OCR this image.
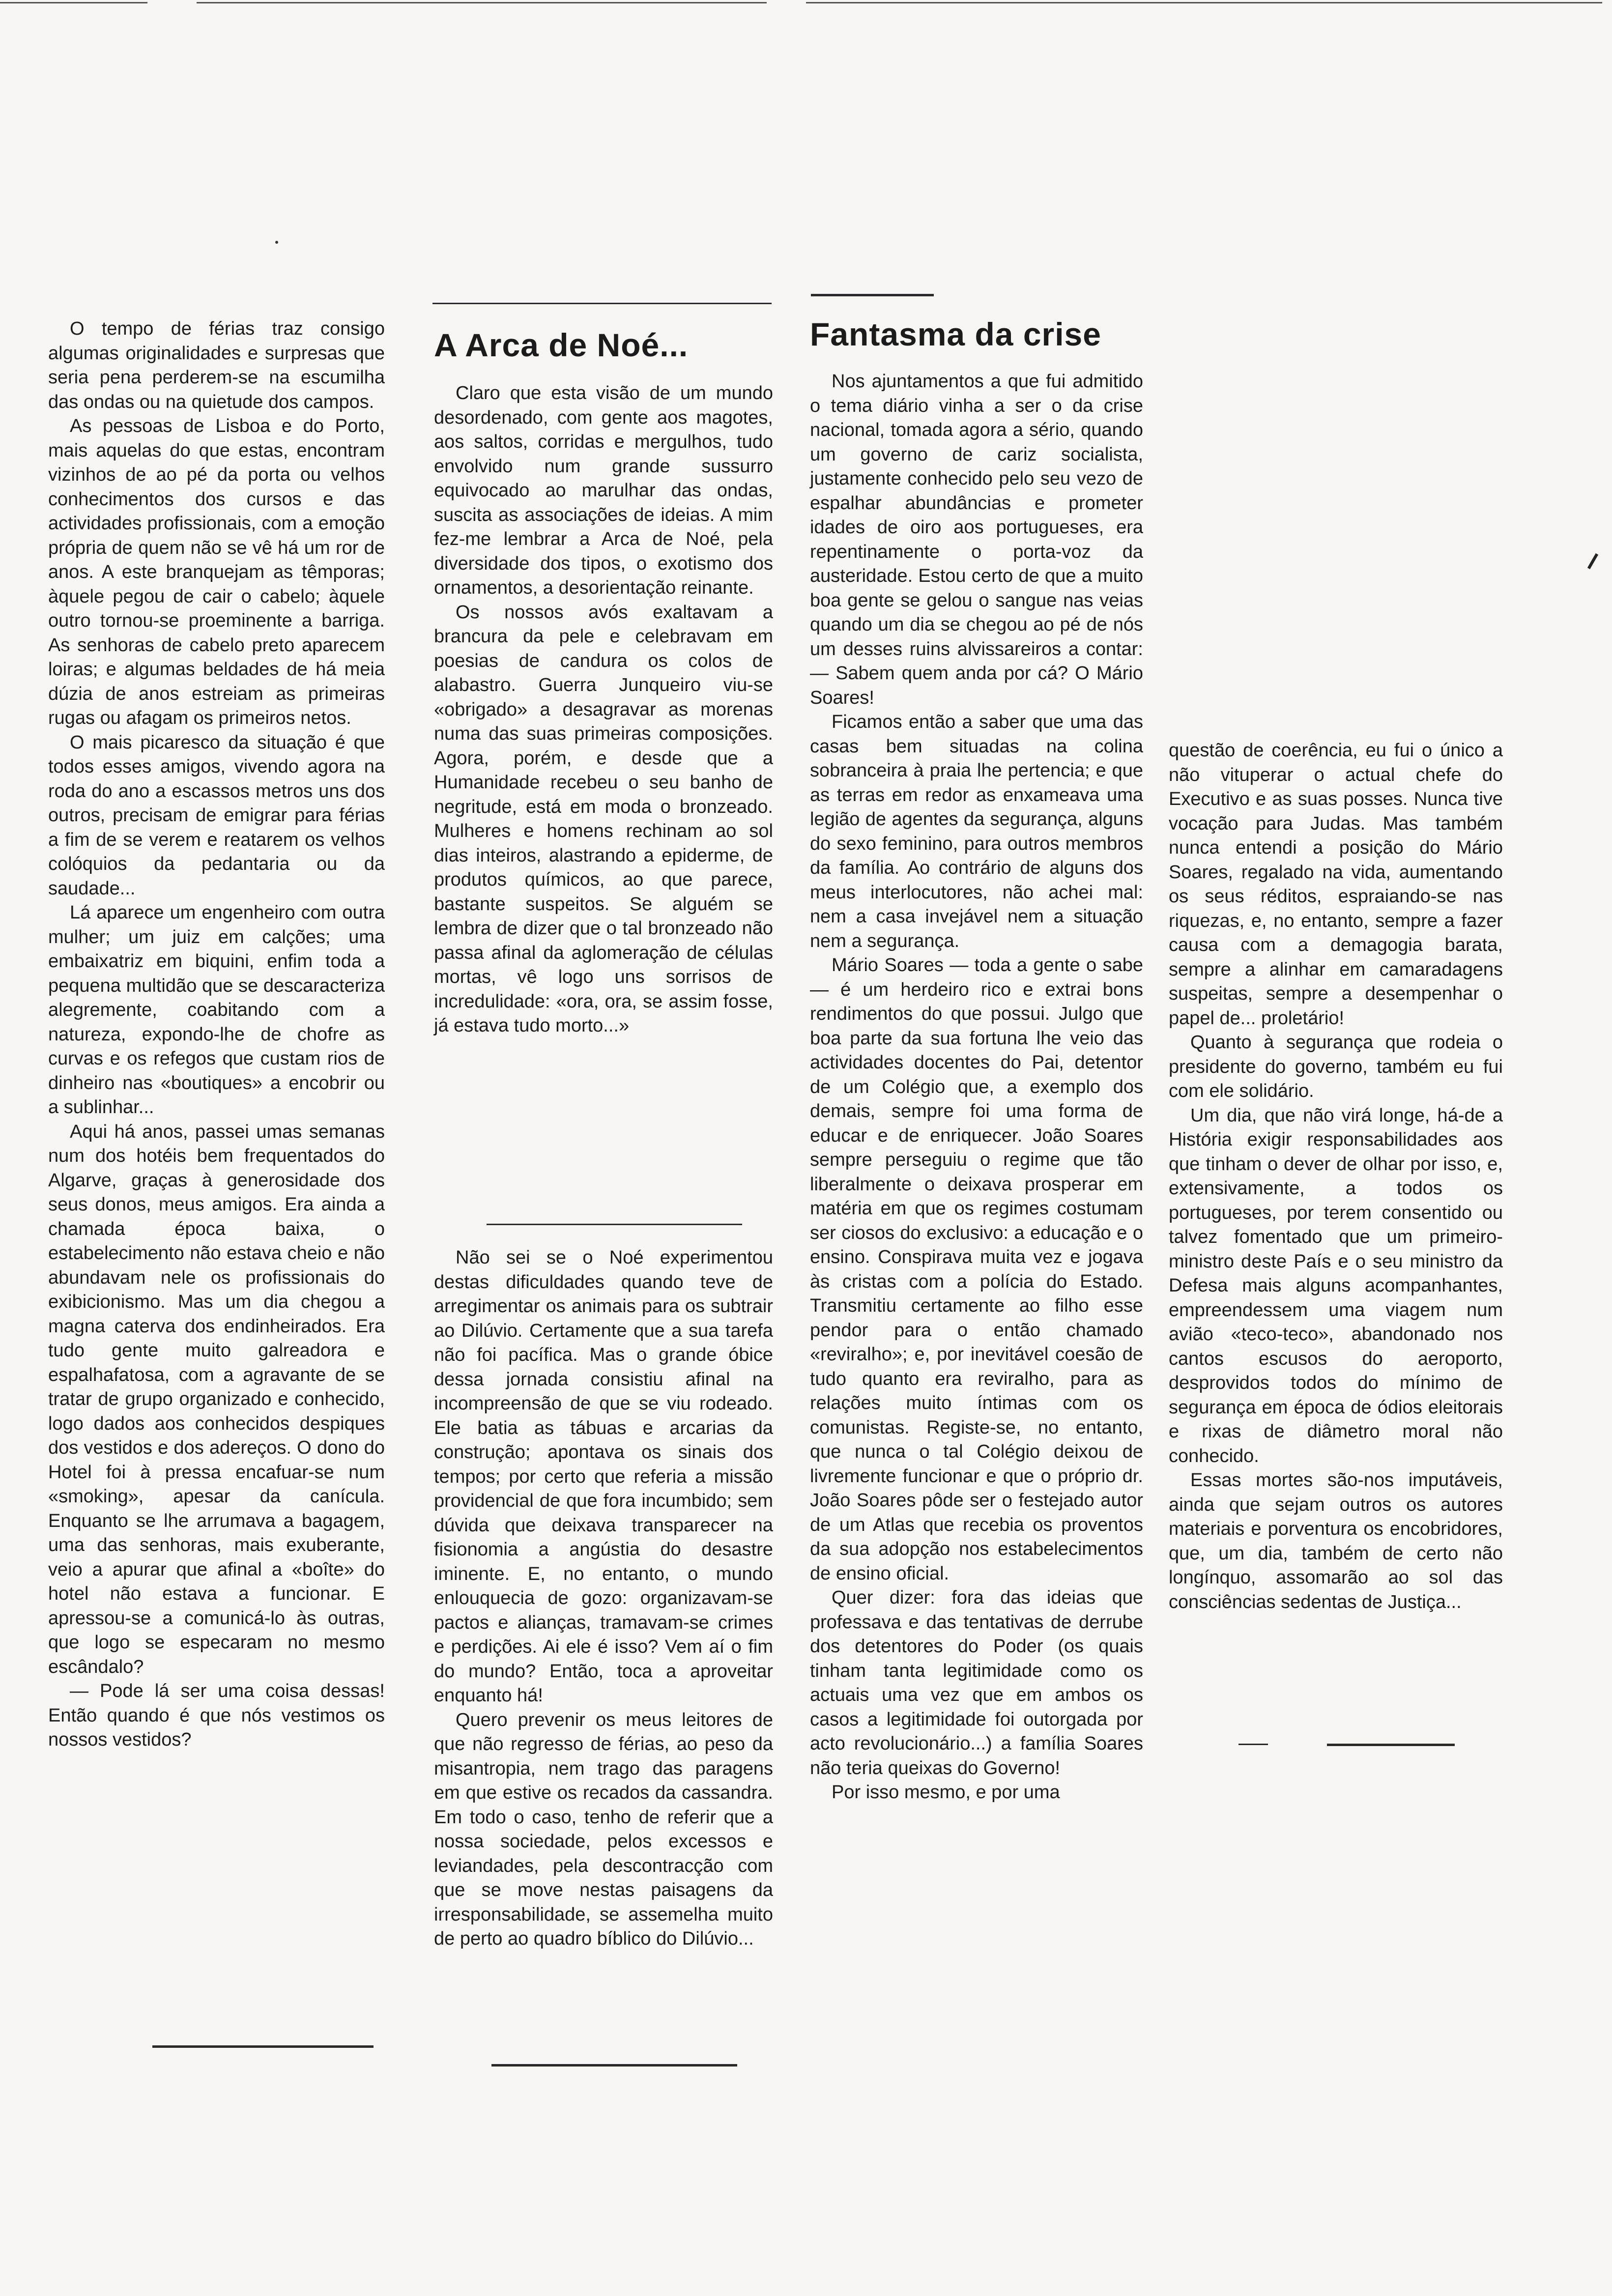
O tempo de férias traz consigo algumas originalidades e surpresas que seria pena perderem-se na escumilha das ondas ou na quietude dos campos.

As pessoas de Lisboa e do Porto, mais aquelas do que estas, encontram vizinhos de ao pé da porta ou velhos conhecimentos dos cursos e das actividades profissionais, com a emoção própria de quem não se vê há um ror de anos. A este branquejam as têmporas; àquele pegou de cair o cabelo; àquele outro tornou-se proeminente a barriga. As senhoras de cabelo preto aparecem loiras; e algumas beldades de há meia dúzia de anos estreiam as primeiras rugas ou afagam os primeiros netos.

O mais picaresco da situação é que todos esses amigos, vivendo agora na roda do ano a escassos metros uns dos outros, precisam de emigrar para férias a fim de se verem e reatarem os velhos colóquios da pedantaria ou da saudade...

Lá aparece um engenheiro com outra mulher; um juiz em calções; uma embaixatriz em biquini, enfim toda a pequena multidão que se descaracteriza alegremente, coabitando com a natureza, expondo-lhe de chofre as curvas e os refegos que custam rios de dinheiro nas «boutiques» a encobrir ou a sublinhar...

Aqui há anos, passei umas semanas num dos hotéis bem frequentados do Algarve, graças à generosidade dos seus donos, meus amigos. Era ainda a chamada época baixa, o estabelecimento não estava cheio e não abundavam nele os profissionais do exibicionismo. Mas um dia chegou a magna caterva dos endinheirados. Era tudo gente muito galreadora e espalhafatosa, com a agravante de se tratar de grupo organizado e conhecido, logo dados aos conhecidos despiques dos vestidos e dos adereços. O dono do Hotel foi à pressa encafuar-se num «smoking», apesar da canícula. Enquanto se lhe arrumava a bagagem, uma das senhoras, mais exuberante, veio a apurar que afinal a «boîte» do hotel não estava a funcionar. E apressou-se a comunicá-lo às outras, que logo se especaram no mesmo escândalo?

— Pode lá ser uma coisa dessas! Então quando é que nós vestimos os nossos vestidos?

A Arca de Noé...

Claro que esta visão de um mundo desordenado, com gente aos magotes, aos saltos, corridas e mergulhos, tudo envolvido num grande sussurro equivocado ao marulhar das ondas, suscita as associações de ideias. A mim fez-me lembrar a Arca de Noé, pela diversidade dos tipos, o exotismo dos ornamentos, a desorientação reinante.

Os nossos avós exaltavam a brancura da pele e celebravam em poesias de candura os colos de alabastro. Guerra Junqueiro viu-se «obrigado» a desagravar as morenas numa das suas primeiras composições. Agora, porém, e desde que a Humanidade recebeu o seu banho de negritude, está em moda o bronzeado. Mulheres e homens rechinam ao sol dias inteiros, alastrando a epiderme, de produtos químicos, ao que parece, bastante suspeitos. Se alguém se lembra de dizer que o tal bronzeado não passa afinal da aglomeração de células mortas, vê logo uns sorrisos de incredulidade: «ora, ora, se assim fosse, já estava tudo morto...»

Não sei se o Noé experimentou destas dificuldades quando teve de arregimentar os animais para os subtrair ao Dilúvio. Certamente que a sua tarefa não foi pacífica. Mas o grande óbice dessa jornada consistiu afinal na incompreensão de que se viu rodeado. Ele batia as tábuas e arcarias da construção; apontava os sinais dos tempos; por certo que referia a missão providencial de que fora incumbido; sem dúvida que deixava transparecer na fisionomia a angústia do desastre iminente. E, no entanto, o mundo enlouquecia de gozo: organizavam-se pactos e alianças, tramavam-se crimes e perdições. Ai ele é isso? Vem aí o fim do mundo? Então, toca a aproveitar enquanto há!

Quero prevenir os meus leitores de que não regresso de férias, ao peso da misantropia, nem trago das paragens em que estive os recados da cassandra. Em todo o caso, tenho de referir que a nossa sociedade, pelos excessos e leviandades, pela descontracção com que se move nestas paisagens da irresponsabilidade, se assemelha muito de perto ao quadro bíblico do Dilúvio...

Fantasma da crise

Nos ajuntamentos a que fui admitido o tema diário vinha a ser o da crise nacional, tomada agora a sério, quando um governo de cariz socialista, justamente conhecido pelo seu vezo de espalhar abundâncias e prometer idades de oiro aos portugueses, era repentinamente o porta-voz da austeridade. Estou certo de que a muito boa gente se gelou o sangue nas veias quando um dia se chegou ao pé de nós um desses ruins alvissareiros a contar: — Sabem quem anda por cá? O Mário Soares!

Ficamos então a saber que uma das casas bem situadas na colina sobranceira à praia lhe pertencia; e que as terras em redor as enxameava uma legião de agentes da segurança, alguns do sexo feminino, para outros membros da família. Ao contrário de alguns dos meus interlocutores, não achei mal: nem a casa invejável nem a situação nem a segurança.

Mário Soares — toda a gente o sabe — é um herdeiro rico e extrai bons rendimentos do que possui. Julgo que boa parte da sua fortuna lhe veio das actividades docentes do Pai, detentor de um Colégio que, a exemplo dos demais, sempre foi uma forma de educar e de enriquecer. João Soares sempre perseguiu o regime que tão liberalmente o deixava prosperar em matéria em que os regimes costumam ser ciosos do exclusivo: a educação e o ensino. Conspirava muita vez e jogava às cristas com a polícia do Estado. Transmitiu certamente ao filho esse pendor para o então chamado «reviralho»; e, por inevitável coesão de tudo quanto era reviralho, para as relações muito íntimas com os comunistas. Registe-se, no entanto, que nunca o tal Colégio deixou de livremente funcionar e que o próprio dr. João Soares pôde ser o festejado autor de um Atlas que recebia os proventos da sua adopção nos estabelecimentos de ensino oficial.

Quer dizer: fora das ideias que professava e das tentativas de derrube dos detentores do Poder (os quais tinham tanta legitimidade como os actuais uma vez que em ambos os casos a legitimidade foi outorgada por acto revolucionário...) a família Soares não teria queixas do Governo!

Por isso mesmo, e por uma

questão de coerência, eu fui o único a não vituperar o actual chefe do Executivo e as suas posses. Nunca tive vocação para Judas. Mas também nunca entendi a posição do Mário Soares, regalado na vida, aumentando os seus réditos, espraiando-se nas riquezas, e, no entanto, sempre a fazer causa com a demagogia barata, sempre a alinhar em camaradagens suspeitas, sempre a desempenhar o papel de... proletário!

Quanto à segurança que rodeia o presidente do governo, também eu fui com ele solidário.

Um dia, que não virá longe, há-de a História exigir responsabilidades aos que tinham o dever de olhar por isso, e, extensivamente, a todos os portugueses, por terem consentido ou talvez fomentado que um primeiro-ministro deste País e o seu ministro da Defesa mais alguns acompanhantes, empreendessem uma viagem num avião «teco-teco», abandonado nos cantos escusos do aeroporto, desprovidos todos do mínimo de segurança em época de ódios eleitorais e rixas de diâmetro moral não conhecido.

Essas mortes são-nos imputáveis, ainda que sejam outros os autores materiais e porventura os encobridores, que, um dia, também de certo não longínquo, assomarão ao sol das consciências sedentas de Justiça...
